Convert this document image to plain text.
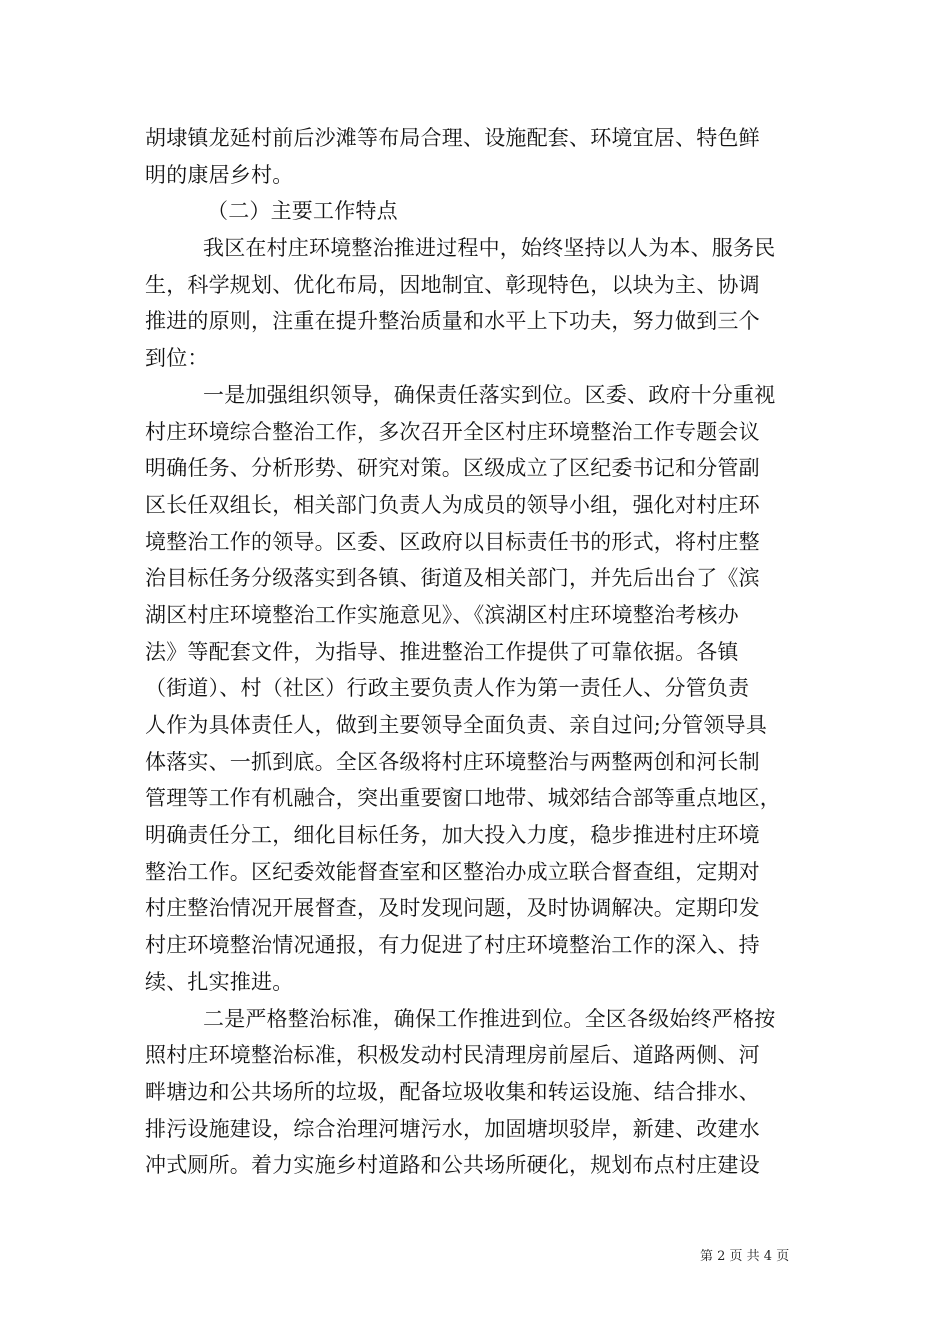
胡埭镇龙延村前后沙滩等布局合理、设施配套、环境宜居、特色鲜
明的康居乡村。
（二）主要工作特点
我区在村庄环境整治推进过程中，始终坚持以人为本、服务民
生，科学规划、优化布局，因地制宜、彰现特色，以块为主、协调
推进的原则，注重在提升整治质量和水平上下功夫，努力做到三个
到位：
一是加强组织领导，确保责任落实到位。区委、政府十分重视
村庄环境综合整治工作，多次召开全区村庄环境整治工作专题会议
明确任务、分析形势、研究对策。区级成立了区纪委书记和分管副
区长任双组长，相关部门负责人为成员的领导小组，强化对村庄环
境整治工作的领导。区委、区政府以目标责任书的形式，将村庄整
治目标任务分级落实到各镇、街道及相关部门，并先后出台了《滨
湖区村庄环境整治工作实施意见》、《滨湖区村庄环境整治考核办
法》等配套文件，为指导、推进整治工作提供了可靠依据。各镇
（街道）、村（社区）行政主要负责人作为第一责任人、分管负责
人作为具体责任人，做到主要领导全面负责、亲自过问;分管领导具
体落实、一抓到底。全区各级将村庄环境整治与两整两创和河长制
管理等工作有机融合，突出重要窗口地带、城郊结合部等重点地区，
明确责任分工，细化目标任务，加大投入力度，稳步推进村庄环境
整治工作。区纪委效能督查室和区整治办成立联合督查组，定期对
村庄整治情况开展督查，及时发现问题，及时协调解决。定期印发
村庄环境整治情况通报，有力促进了村庄环境整治工作的深入、持
续、扎实推进。
二是严格整治标准，确保工作推进到位。全区各级始终严格按
照村庄环境整治标准，积极发动村民清理房前屋后、道路两侧、河
畔塘边和公共场所的垃圾，配备垃圾收集和转运设施、结合排水、
排污设施建设，综合治理河塘污水，加固塘坝驳岸，新建、改建水
冲式厕所。着力实施乡村道路和公共场所硬化，规划布点村庄建设
第 2 页 共 4 页
